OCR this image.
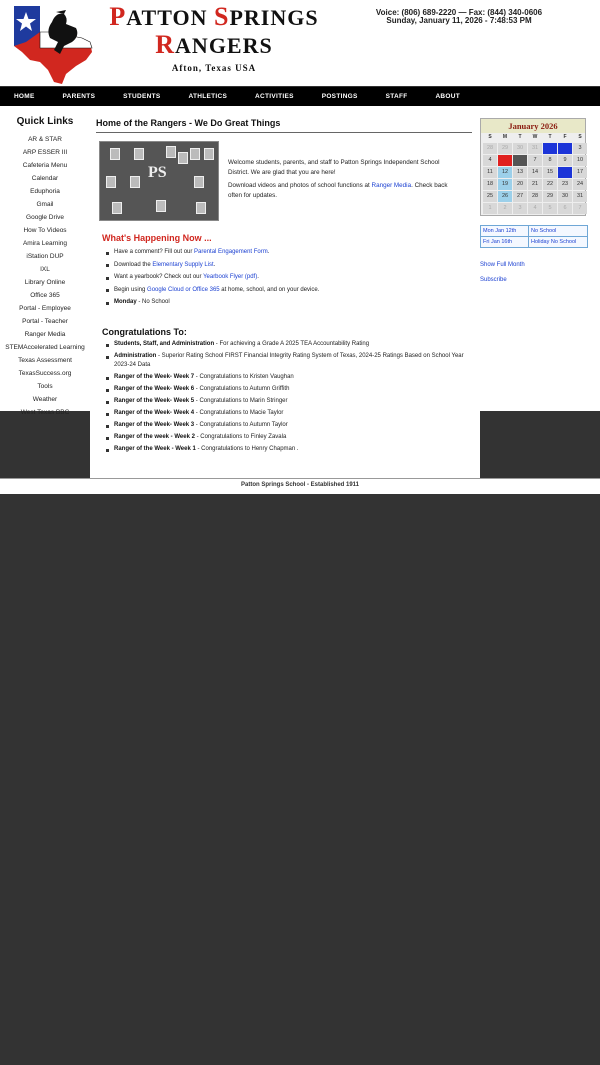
PATTON SPRINGS
RANGERS
Afton, Texas USA
Voice: (806) 689-2220 — Fax: (844) 340-0606
Sunday, January 11, 2026 - 7:48:53 PM
HOME	PARENTS	STUDENTS	ATHLETICS	ACTIVITIES	POSTINGS	STAFF	ABOUT
Quick Links
AR & STAR
ARP ESSER III
Cafeteria Menu
Calendar
Eduphoria
Gmail
Google Drive
How To Videos
Amira Learning
iStation DUP
IXL
Library Online
Office 365
Portal - Employee
Portal - Teacher
Ranger Media
STEMAccelerated Learning
Texas Assessment
TexasSuccess.org
Tools
Weather
West Texas BBC
Home of the Rangers - We Do Great Things
PS

Welcome students, parents, and staff to Patton Springs Independent School District. We are glad that you are here!

Download videos and photos of school functions at Ranger Media. Check back often for updates.

What's Happening Now ...
Have a comment? Fill out our Parental Engagement Form.
Download the Elementary Supply List.
Want a yearbook? Check out our Yearbook Flyer (pdf).
Begin using Google Cloud or Office 365 at home, school, and on your device.
Monday - No School
Congratulations To:
Students, Staff, and Administration - For achieving a Grade A 2025 TEA Accountability Rating
Administration - Superior Rating School FIRST Financial Integrity Rating System of Texas, 2024-25 Ratings Based on School Year 2023-24 Data
Ranger of the Week- Week 7 - Congratulations to Kristen Vaughan
Ranger of the Week- Week 6 - Congratulations to Autumn Griffith
Ranger of the Week- Week 5 - Congratulations to Marin Stringer
Ranger of the Week- Week 4 - Congratulations to Macie Taylor
Ranger of the Week- Week 3 - Congratulations to Autumn Taylor
Ranger of the week - Week 2 - Congratulations to Finley Zavala
Ranger of the Week - Week 1 - Congratulations to Henry Chapman .
January 2026
S	M	T	W	T	F	S
28	29	30	31	1	2	3
4	5	6	7	8	9	10
11	12	13	14	15	16	17
18	19	20	21	22	23	24
25	26	27	28	29	30	31
1	2	3	4	5	6	7
Mon Jan 12th	No School
Fri Jan 16th	Holiday No School
Show Full Month
Subscribe
Patton Springs School - Established 1911
